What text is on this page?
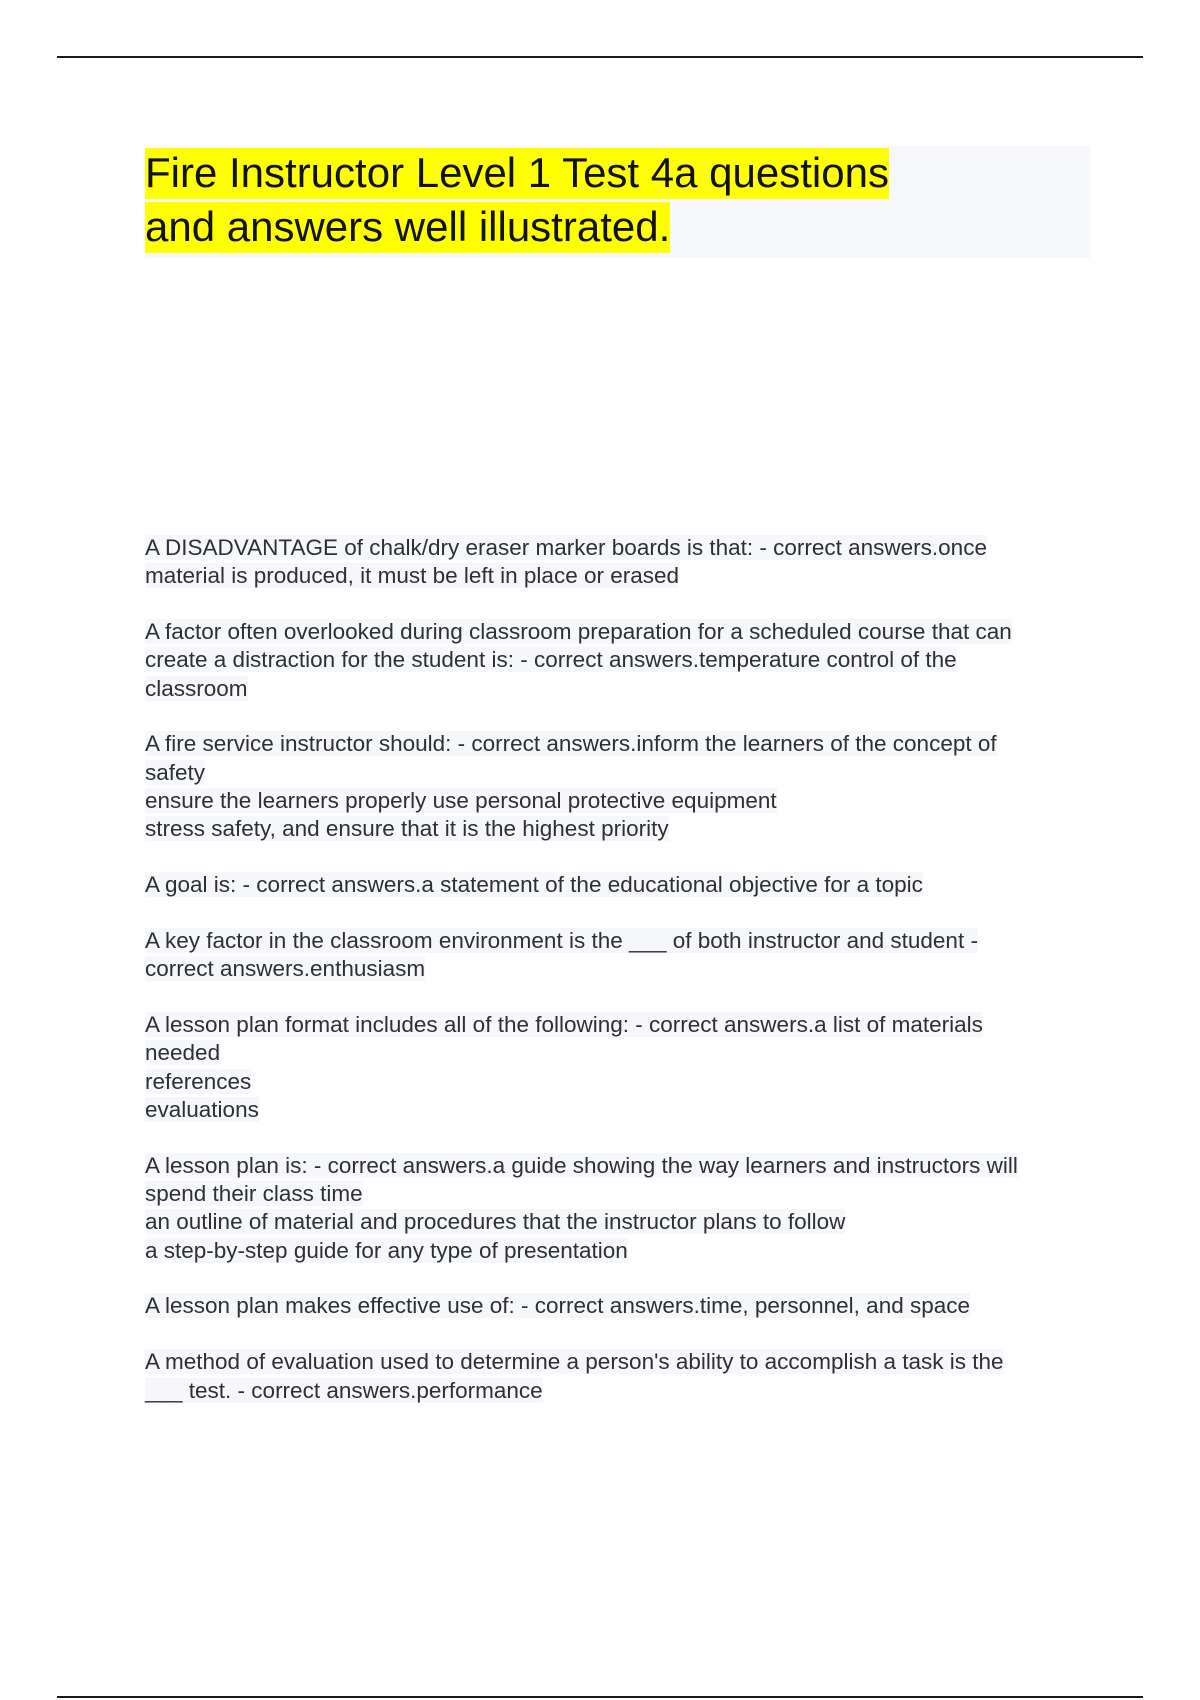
Fire Instructor Level 1 Test 4a questions
and answers well illustrated.
A DISADVANTAGE of chalk/dry eraser marker boards is that: - correct answers.once
material is produced, it must be left in place or erased
A factor often overlooked during classroom preparation for a scheduled course that can
create a distraction for the student is: - correct answers.temperature control of the
classroom
A fire service instructor should: - correct answers.inform the learners of the concept of
safety
ensure the learners properly use personal protective equipment
stress safety, and ensure that it is the highest priority
A goal is: - correct answers.a statement of the educational objective for a topic
A key factor in the classroom environment is the ___ of both instructor and student -
correct answers.enthusiasm
A lesson plan format includes all of the following: - correct answers.a list of materials
needed
references
evaluations
A lesson plan is: - correct answers.a guide showing the way learners and instructors will
spend their class time
an outline of material and procedures that the instructor plans to follow
a step-by-step guide for any type of presentation
A lesson plan makes effective use of: - correct answers.time, personnel, and space
A method of evaluation used to determine a person's ability to accomplish a task is the
___ test. - correct answers.performance
